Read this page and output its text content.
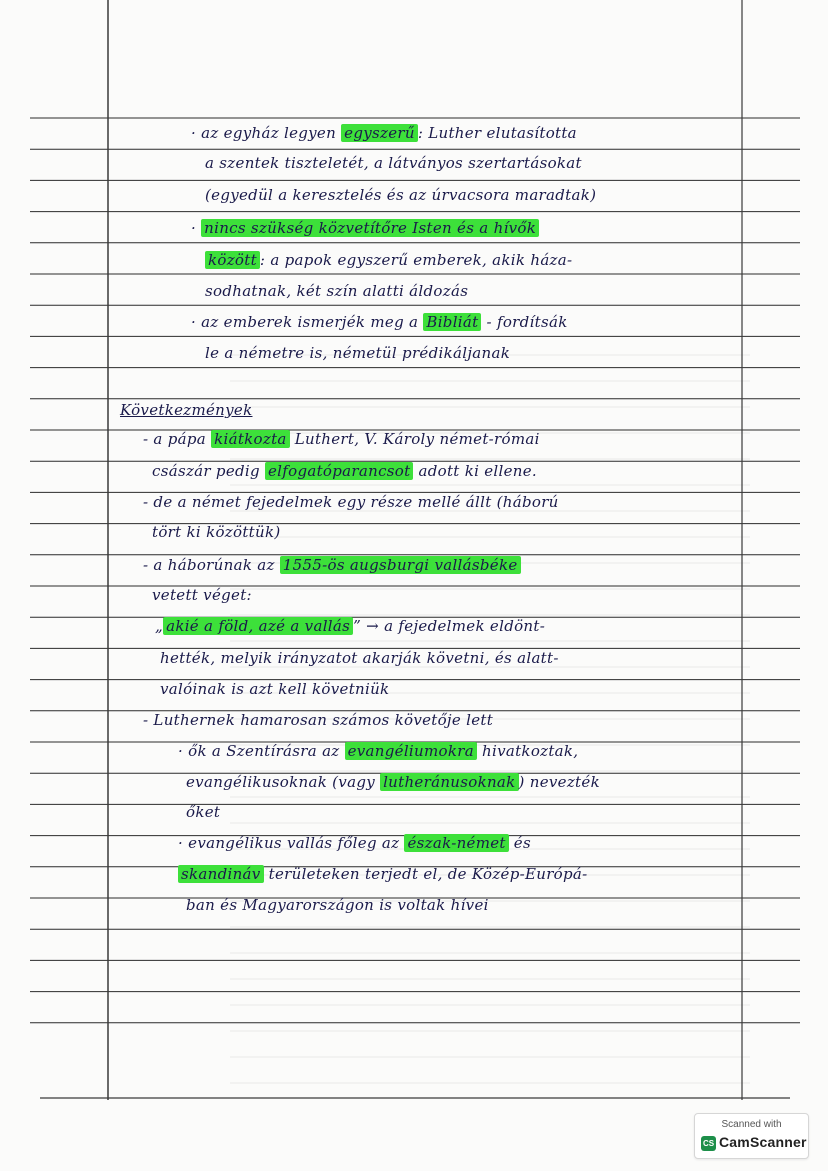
· az egyház legyen egyszerű : Luther elutasította
a szentek tiszteletét, a látványos szertartásokat
(egyedül a keresztelés és az úrvacsora maradtak)
· nincs szükség közvetítőre Isten és a hívők
között : a papok egyszerű emberek, akik háza-
sodhatnak, két szín alatti áldozás
· az emberek ismerjék meg a Bibliát - fordítsák
le a németre is, németül prédikáljanak
Következmények
- a pápa kiátkozta Luthert, V. Károly német-római
császár pedig elfogatóparancsot adott ki ellene.
- de a német fejedelmek egy része mellé állt (háború
tört ki közöttük)
- a háborúnak az 1555-ös augsburgi vallásbéke
vetett véget:
„ akié a föld, azé a vallás ” → a fejedelmek eldönt-
hették, melyik irányzatot akarják követni, és alatt-
valóinak is azt kell követniük
- Luthernek hamarosan számos követője lett
· ők a Szentírásra az evangéliumokra hivatkoztak,
evangélikusoknak (vagy lutheránusoknak ) nevezték
őket
· evangélikus vallás főleg az észak-német és
skandináv területeken terjedt el, de Közép-Európá-
ban és Magyarországon is voltak hívei
Scanned with
CS CamScanner
